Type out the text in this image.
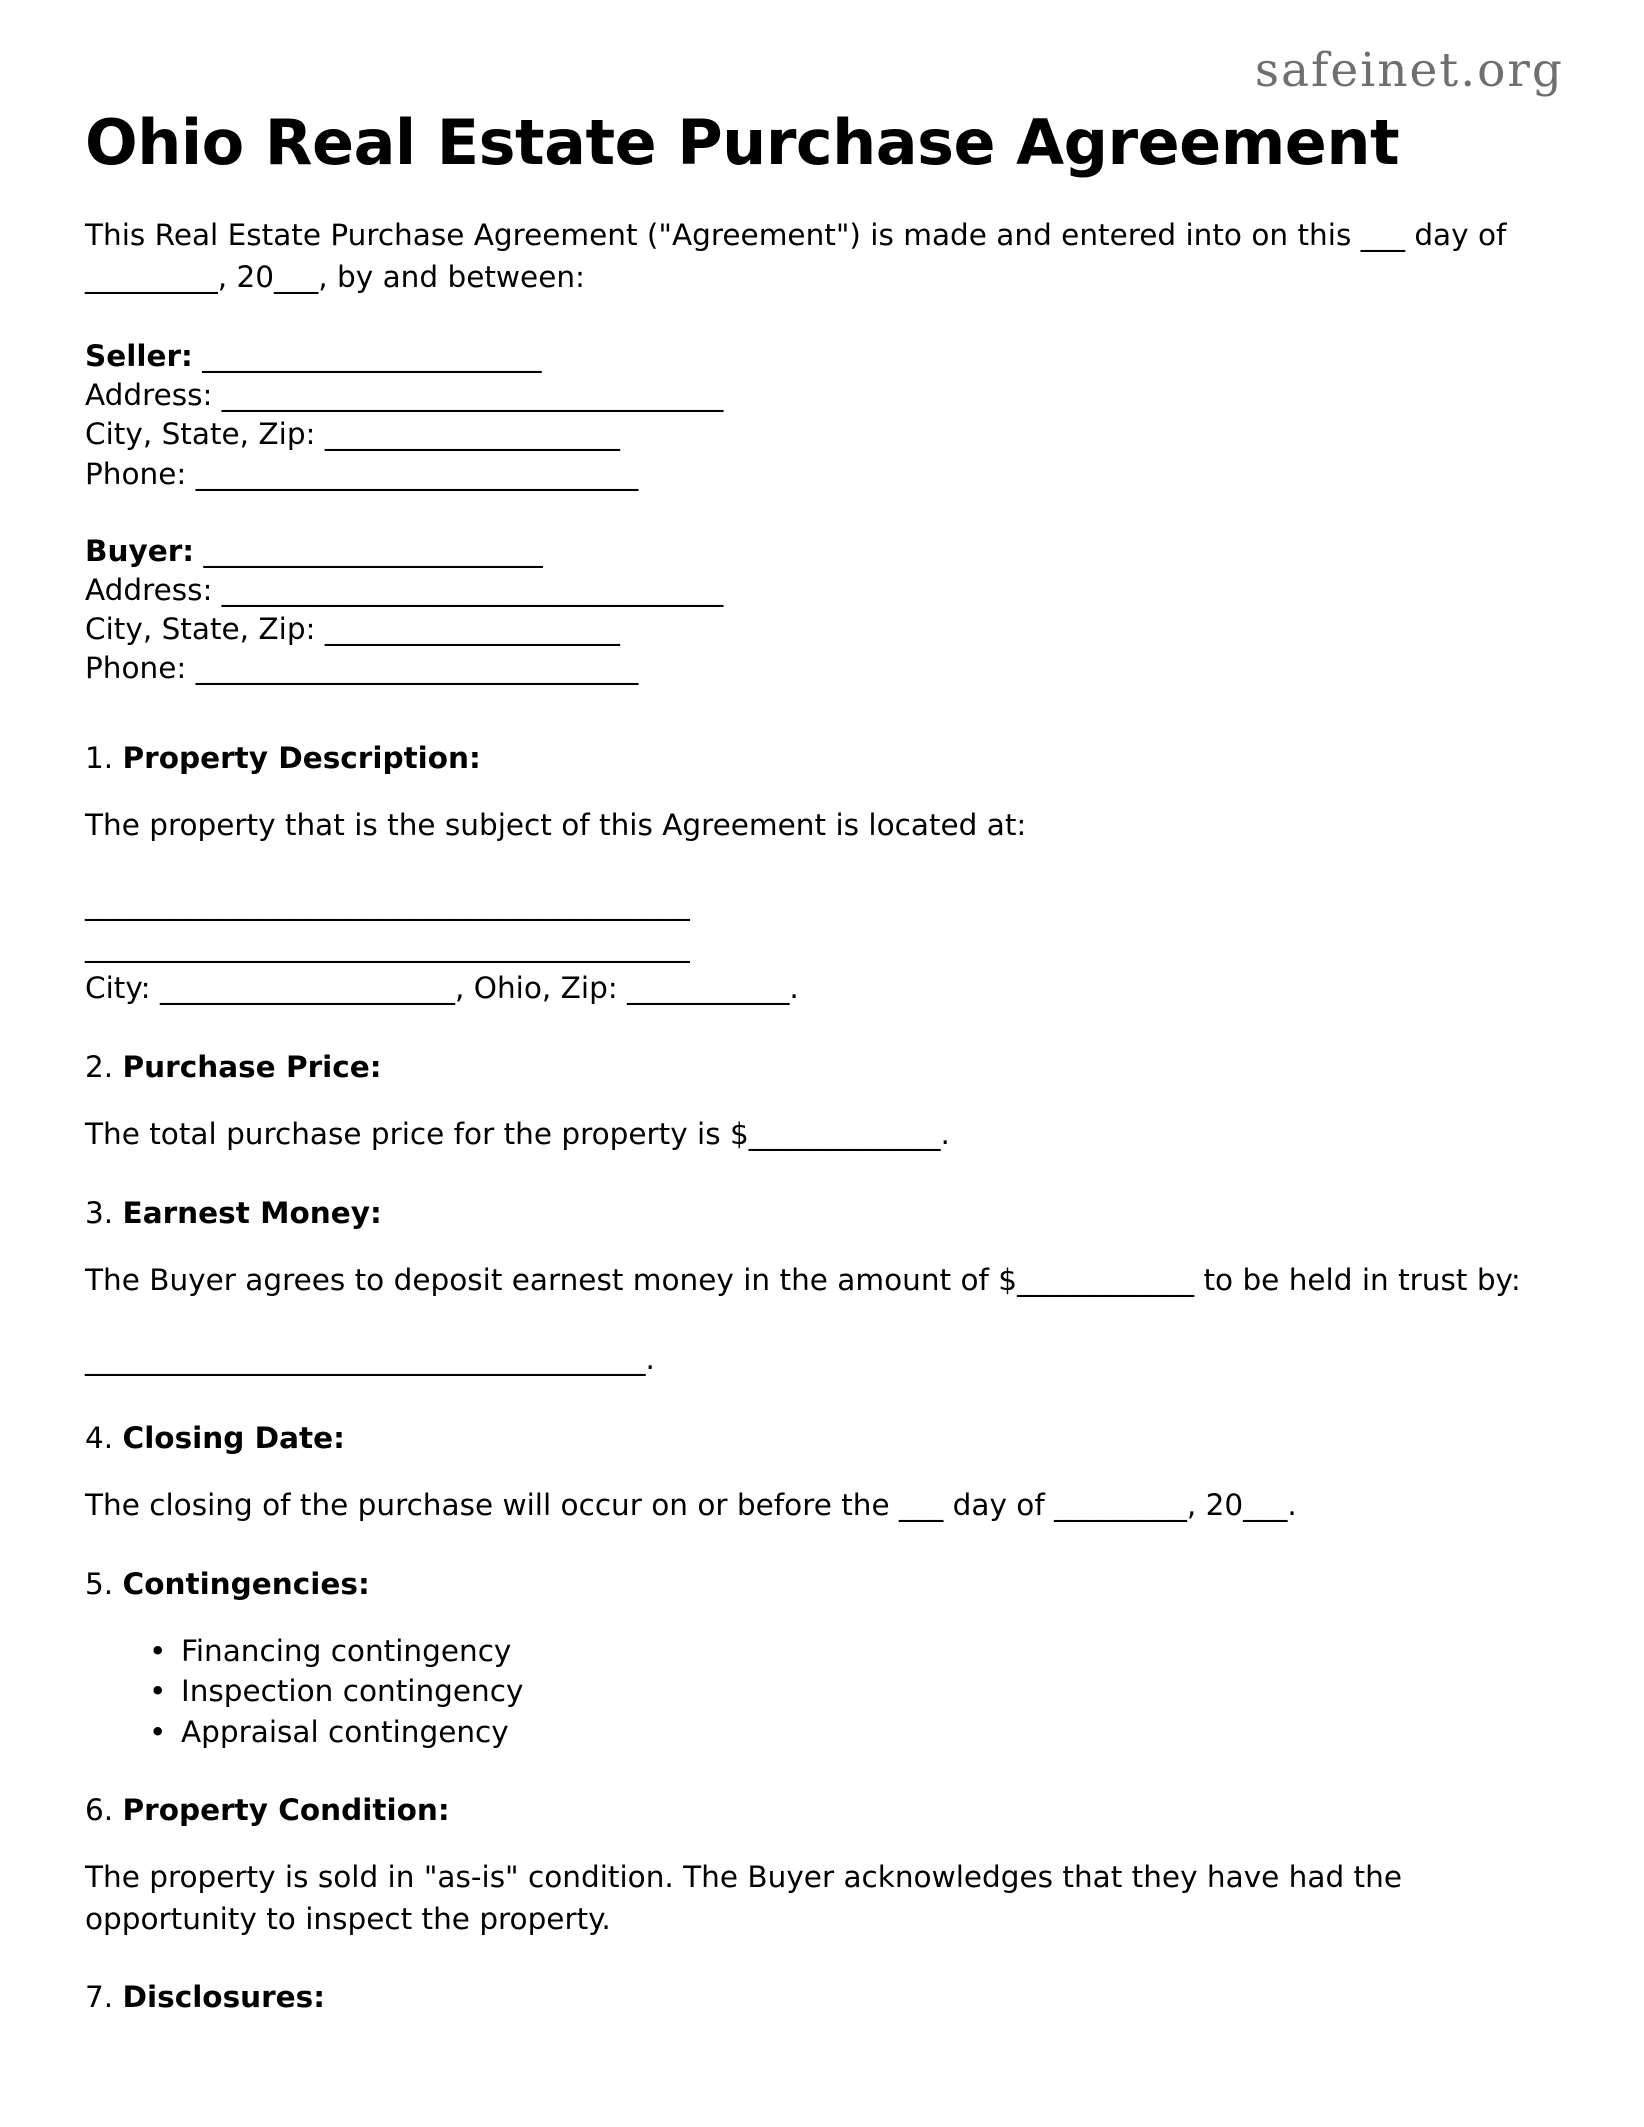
safeinet.org
Ohio Real Estate Purchase Agreement

This Real Estate Purchase Agreement ("Agreement") is made and entered into on this ___ day of _________, 20___, by and between:

Seller: _______________________
Address: __________________________________
City, State, Zip: ____________________
Phone: ______________________________
Buyer: _______________________
Address: __________________________________
City, State, Zip: ____________________
Phone: ______________________________

1. Property Description:

The property that is the subject of this Agreement is located at:

_________________________________________
_________________________________________
City: ____________________, Ohio, Zip: ___________.

2. Purchase Price:

The total purchase price for the property is $_____________.

3. Earnest Money:

The Buyer agrees to deposit earnest money in the amount of $____________ to be held in trust by:

______________________________________.

4. Closing Date:

The closing of the purchase will occur on or before the ___ day of _________, 20___.

5. Contingencies:

• Financing contingency
• Inspection contingency
• Appraisal contingency

6. Property Condition:

The property is sold in "as-is" condition. The Buyer acknowledges that they have had the opportunity to inspect the property.

7. Disclosures:
